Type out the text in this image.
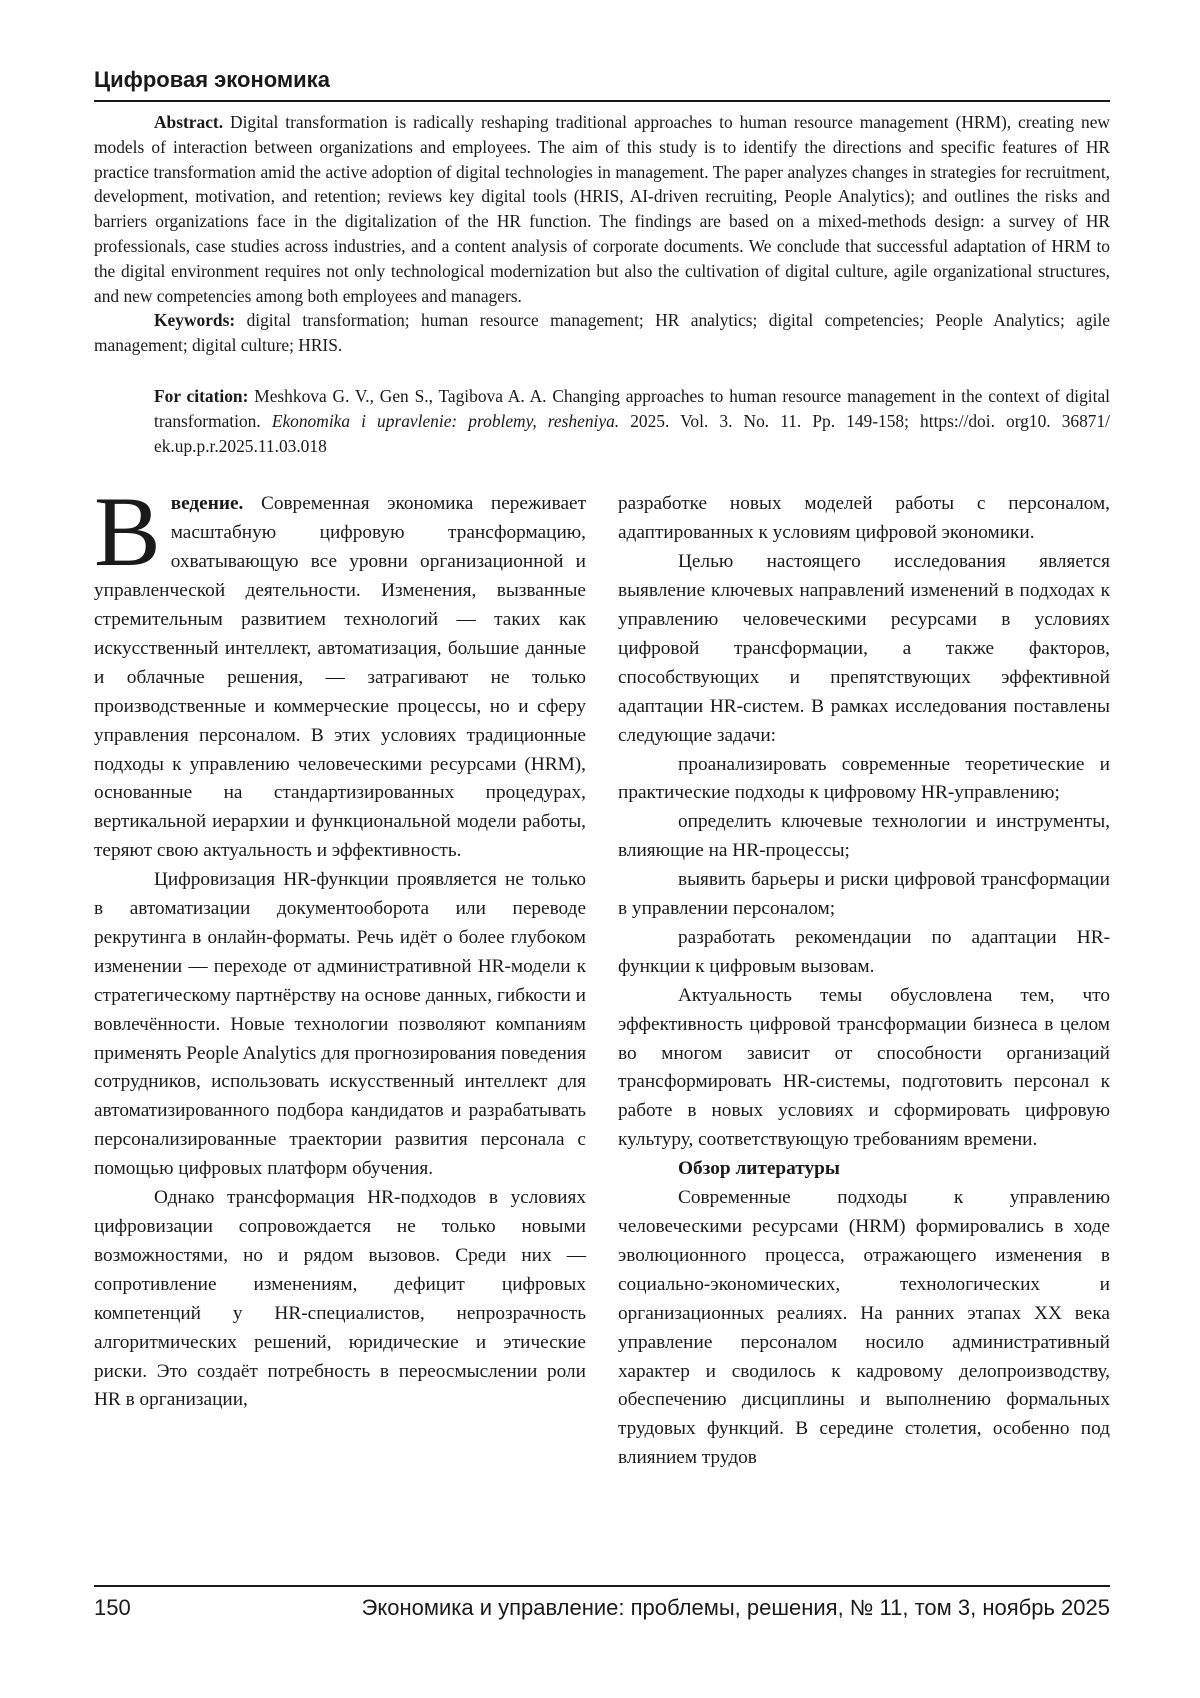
Цифровая экономика

Abstract. Digital transformation is radically reshaping traditional approaches to human resource management (HRM), creating new models of interaction between organizations and employees. The aim of this study is to identify the directions and specific features of HR practice transformation amid the active adoption of digital technologies in management. The paper analyzes changes in strategies for recruitment, development, motivation, and retention; reviews key digital tools (HRIS, AI-driven recruiting, People Analytics); and outlines the risks and barriers organizations face in the digitalization of the HR function. The findings are based on a mixed-methods design: a survey of HR professionals, case studies across industries, and a content analysis of corporate documents. We conclude that successful adaptation of HRM to the digital environment requires not only technological modernization but also the cultivation of digital culture, agile organizational structures, and new competencies among both employees and managers.

Keywords: digital transformation; human resource management; HR analytics; digital competencies; People Analytics; agile management; digital culture; HRIS.

For citation: Meshkova G. V., Gen S., Tagibova A. A. Changing approaches to human resource management in the context of digital transformation. Ekonomika i upravlenie: problemy, resheniya. 2025. Vol. 3. No. 11. Pp. 149-158; https://doi. org10. 36871/ ek.up.p.r.2025.11.03.018

Введение. Современная экономика переживает масштабную цифровую трансформацию, охватывающую все уровни организационной и управленческой деятельности. Изменения, вызванные стремительным развитием технологий — таких как искусственный интеллект, автоматизация, большие данные и облачные решения, — затрагивают не только производственные и коммерческие процессы, но и сферу управления персоналом. В этих условиях традиционные подходы к управлению человеческими ресурсами (HRM), основанные на стандартизированных процедурах, вертикальной иерархии и функциональной модели работы, теряют свою актуальность и эффективность.

Цифровизация HR-функции проявляется не только в автоматизации документооборота или переводе рекрутинга в онлайн-форматы. Речь идёт о более глубоком изменении — переходе от административной HR-модели к стратегическому партнёрству на основе данных, гибкости и вовлечённости. Новые технологии позволяют компаниям применять People Analytics для прогнозирования поведения сотрудников, использовать искусственный интеллект для автоматизированного подбора кандидатов и разрабатывать персонализированные траектории развития персонала с помощью цифровых платформ обучения.

Однако трансформация HR-подходов в условиях цифровизации сопровождается не только новыми возможностями, но и рядом вызовов. Среди них — сопротивление изменениям, дефицит цифровых компетенций у HR-специалистов, непрозрачность алгоритмических решений, юридические и этические риски. Это создаёт потребность в переосмыслении роли HR в организации,

разработке новых моделей работы с персоналом, адаптированных к условиям цифровой экономики.

Целью настоящего исследования является выявление ключевых направлений изменений в подходах к управлению человеческими ресурсами в условиях цифровой трансформации, а также факторов, способствующих и препятствующих эффективной адаптации HR-систем. В рамках исследования поставлены следующие задачи:

проанализировать современные теоретические и практические подходы к цифровому HR-управлению;

определить ключевые технологии и инструменты, влияющие на HR-процессы;

выявить барьеры и риски цифровой трансформации в управлении персоналом;

разработать рекомендации по адаптации HR-функции к цифровым вызовам.

Актуальность темы обусловлена тем, что эффективность цифровой трансформации бизнеса в целом во многом зависит от способности организаций трансформировать HR-системы, подготовить персонал к работе в новых условиях и сформировать цифровую культуру, соответствующую требованиям времени.

Обзор литературы

Современные подходы к управлению человеческими ресурсами (HRM) формировались в ходе эволюционного процесса, отражающего изменения в социально-экономических, технологических и организационных реалиях. На ранних этапах XX века управление персоналом носило административный характер и сводилось к кадровому делопроизводству, обеспечению дисциплины и выполнению формальных трудовых функций. В середине столетия, особенно под влиянием трудов

150	Экономика и управление: проблемы, решения, № 11, том 3, ноябрь 2025
